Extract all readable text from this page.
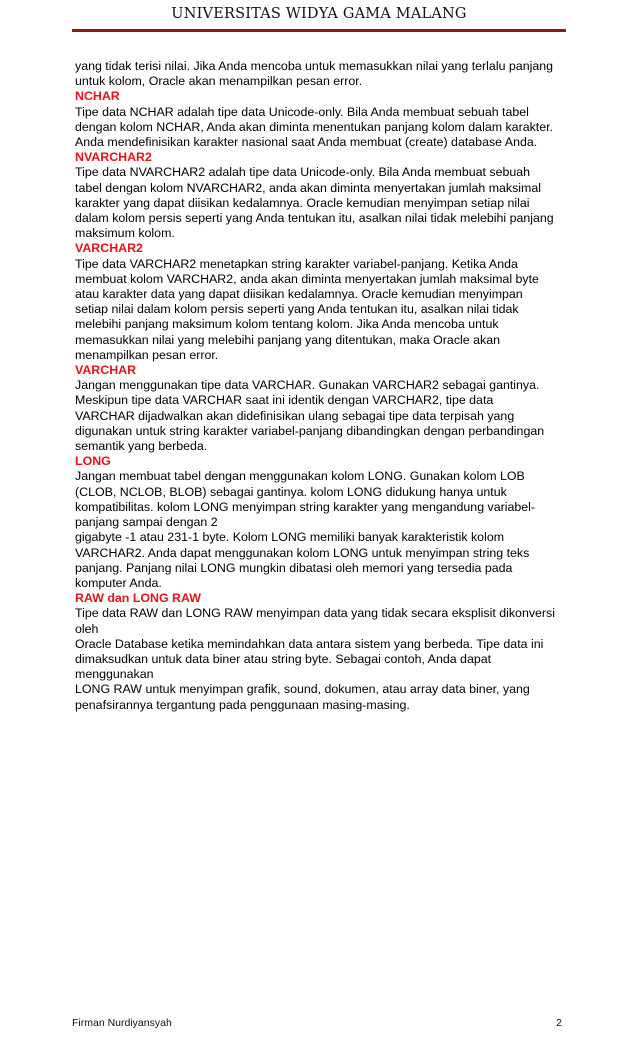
UNIVERSITAS WIDYA GAMA MALANG

yang tidak terisi nilai. Jika Anda mencoba untuk memasukkan nilai yang terlalu panjang
untuk kolom, Oracle akan menampilkan pesan error.

NCHAR

Tipe data NCHAR adalah tipe data Unicode-only. Bila Anda membuat sebuah tabel
dengan kolom NCHAR, Anda akan diminta menentukan panjang kolom dalam karakter.
Anda mendefinisikan karakter nasional saat Anda membuat (create) database Anda.

NVARCHAR2

Tipe data NVARCHAR2 adalah tipe data Unicode-only. Bila Anda membuat sebuah
tabel dengan kolom NVARCHAR2, anda akan diminta menyertakan jumlah maksimal
karakter yang dapat diisikan kedalamnya. Oracle kemudian menyimpan setiap nilai
dalam kolom persis seperti yang Anda tentukan itu, asalkan nilai tidak melebihi panjang
maksimum kolom.

VARCHAR2

Tipe data VARCHAR2 menetapkan string karakter variabel-panjang. Ketika Anda
membuat kolom VARCHAR2, anda akan diminta menyertakan jumlah maksimal byte
atau karakter data yang dapat diisikan kedalamnya. Oracle kemudian menyimpan
setiap nilai dalam kolom persis seperti yang Anda tentukan itu, asalkan nilai tidak
melebihi panjang maksimum kolom tentang kolom. Jika Anda mencoba untuk
memasukkan nilai yang melebihi panjang yang ditentukan, maka Oracle akan
menampilkan pesan error.

VARCHAR

Jangan menggunakan tipe data VARCHAR. Gunakan VARCHAR2 sebagai gantinya.
Meskipun tipe data VARCHAR saat ini identik dengan VARCHAR2, tipe data
VARCHAR dijadwalkan akan didefinisikan ulang sebagai tipe data terpisah yang
digunakan untuk string karakter variabel-panjang dibandingkan dengan perbandingan
semantik yang berbeda.

LONG

Jangan membuat tabel dengan menggunakan kolom LONG. Gunakan kolom LOB
(CLOB, NCLOB, BLOB) sebagai gantinya. kolom LONG didukung hanya untuk
kompatibilitas. kolom LONG menyimpan string karakter yang mengandung variabel-
panjang sampai dengan 2
gigabyte -1 atau 231-1 byte. Kolom LONG memiliki banyak karakteristik kolom
VARCHAR2. Anda dapat menggunakan kolom LONG untuk menyimpan string teks
panjang. Panjang nilai LONG mungkin dibatasi oleh memori yang tersedia pada
komputer Anda.

RAW dan LONG RAW

Tipe data RAW dan LONG RAW menyimpan data yang tidak secara eksplisit dikonversi
oleh
Oracle Database ketika memindahkan data antara sistem yang berbeda. Tipe data ini
dimaksudkan untuk data biner atau string byte. Sebagai contoh, Anda dapat
menggunakan
LONG RAW untuk menyimpan grafik, sound, dokumen, atau array data biner, yang
penafsirannya tergantung pada penggunaan masing-masing.

Firman Nurdiyansyah	2
